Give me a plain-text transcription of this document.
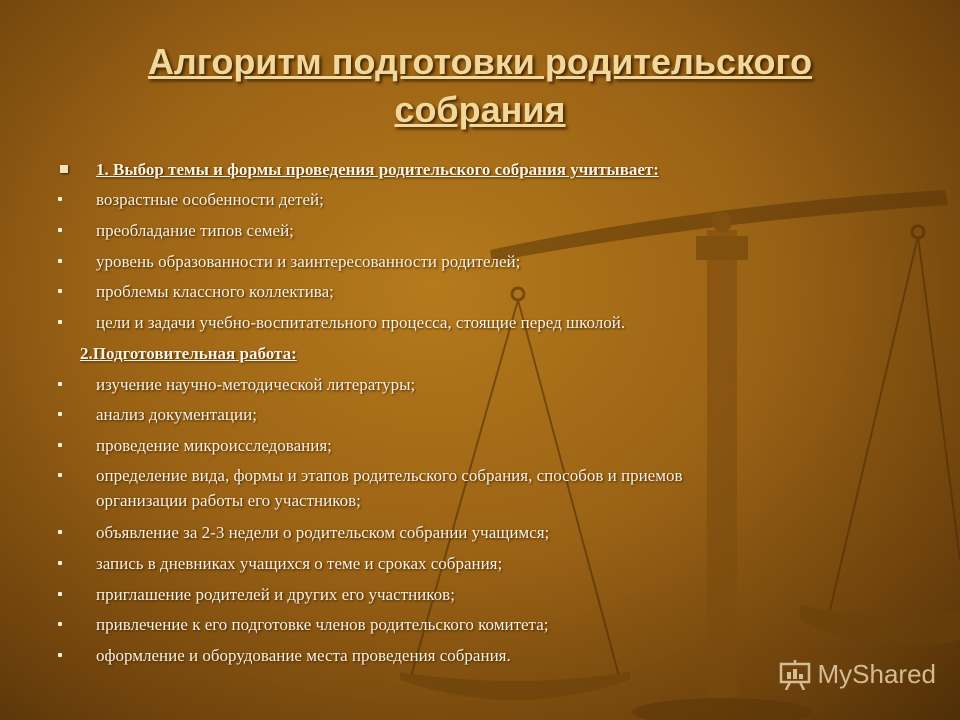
Алгоритм подготовки родительского
собрания
1. Выбор темы и формы проведения родительского собрания учитывает:
возрастные особенности детей;
преобладание типов семей;
уровень образованности и заинтересованности родителей;
проблемы классного коллектива;
цели и задачи учебно-воспитательного процесса, стоящие перед школой.
2.Подготовительная работа:
изучение научно-методической литературы;
анализ документации;
проведение микроисследования;
определение вида, формы и этапов родительского собрания, способов и приемов
организации работы его участников;
объявление за 2-3 недели о родительском собрании учащимся;
запись в дневниках учащихся о теме и сроках собрания;
приглашение родителей и других его участников;
привлечение к его подготовке членов родительского комитета;
оформление и оборудование места проведения собрания.
MyShared
